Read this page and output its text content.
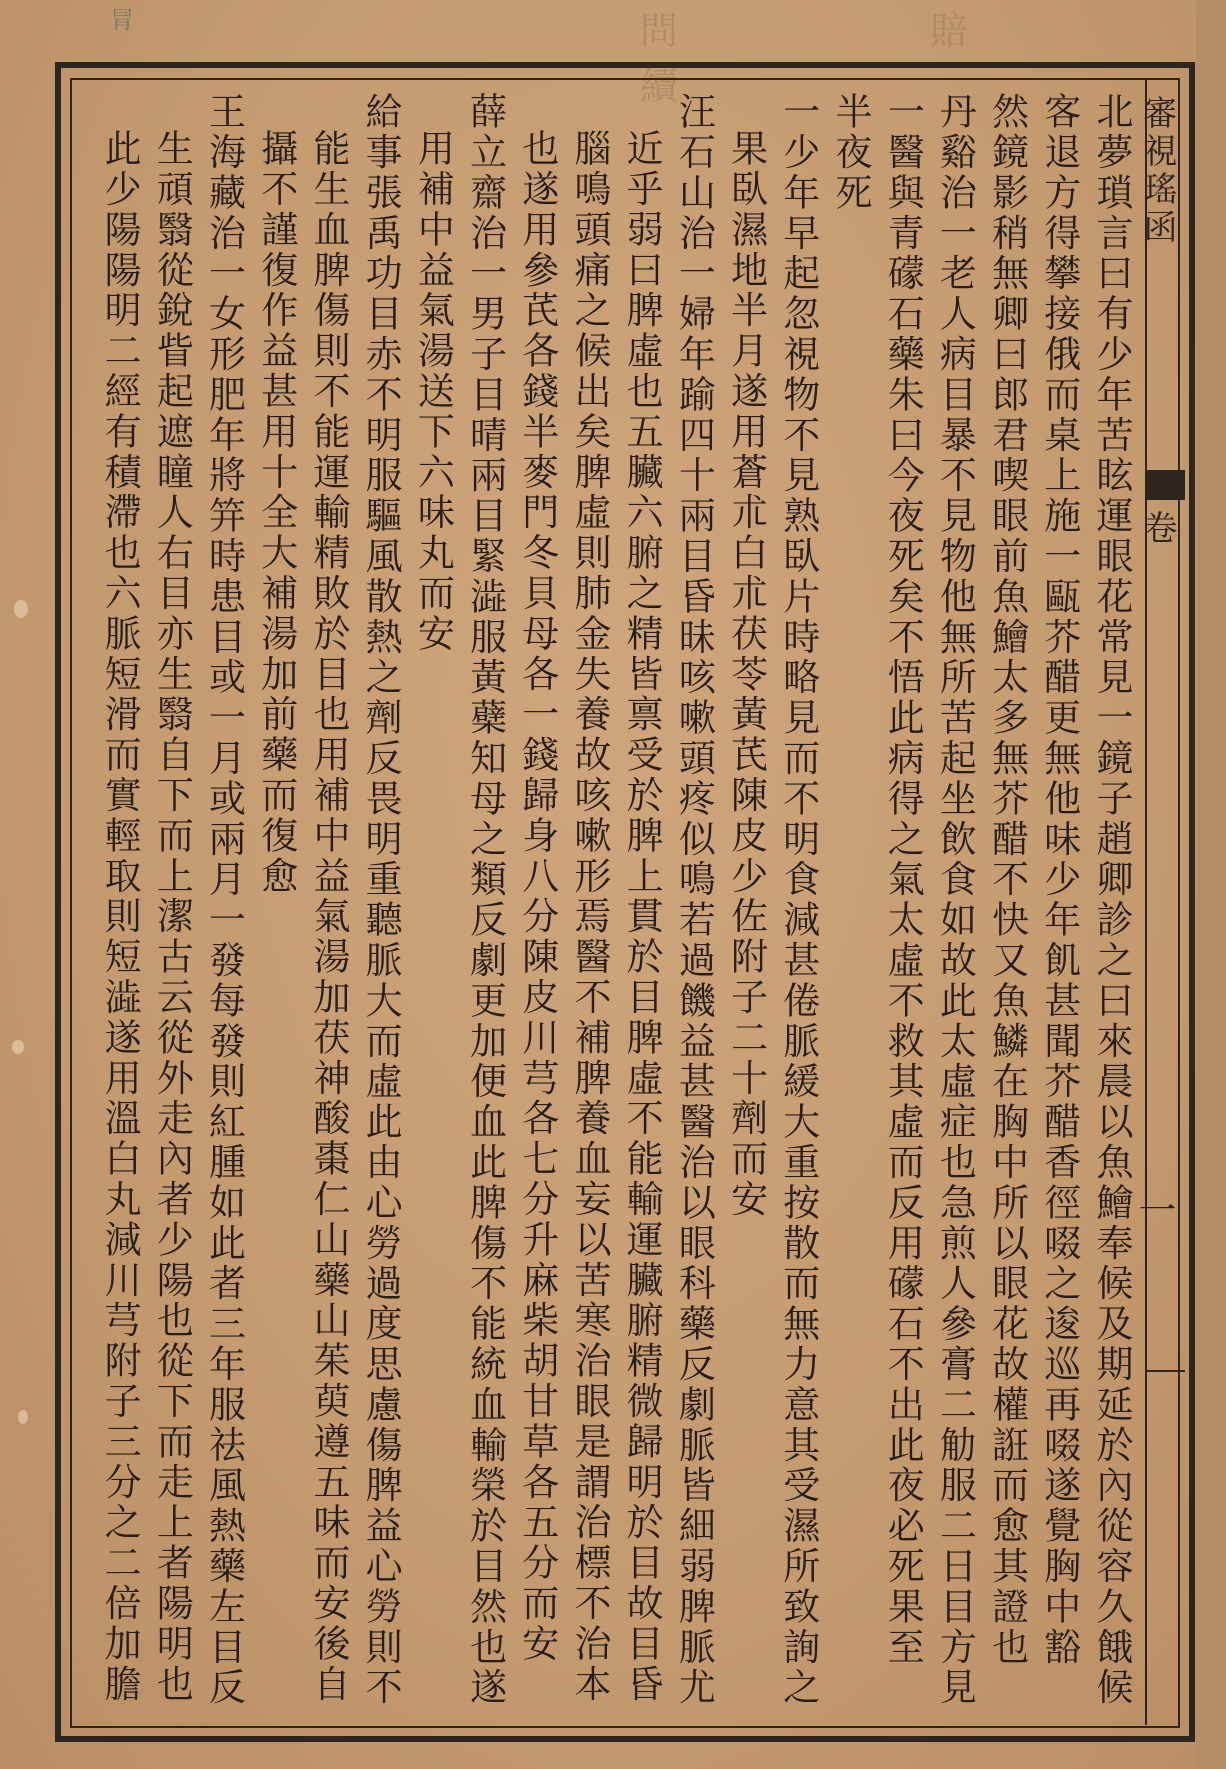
問 賠 續
冐
審視瑤函
卷
一
北夢瑣言曰有少年苦眩運眼花常見一鏡子趙卿診之曰來晨以魚鱠奉候及期延於內從容久餓候
客退方得攀接俄而桌上施一甌芥醋更無他味少年飢甚聞芥醋香徑啜之逡巡再啜遂覺胸中豁
然鏡影稍無卿曰郎君喫眼前魚鱠太多無芥醋不快又魚鱗在胸中所以眼花故權誑而愈其證也
丹谿治一老人病目暴不見物他無所苦起坐飲食如故此太虛症也急煎人參膏二觔服二日目方見
一醫與青礞石藥朱曰今夜死矣不悟此病得之氣太虛不救其虛而反用礞石不出此夜必死果至
半夜死
一少年早起忽視物不見熟臥片時略見而不明食減甚倦脈緩大重按散而無力意其受濕所致詢之
果臥濕地半月遂用蒼朮白朮茯苓黃芪陳皮少佐附子二十劑而安
汪石山治一婦年踰四十兩目昏昧咳嗽頭疼似鳴若過饑益甚醫治以眼科藥反劇脈皆細弱脾脈尤
近乎弱曰脾虛也五臟六腑之精皆禀受於脾上貫於目脾虛不能輸運臟腑精微歸明於目故目昏
腦鳴頭痛之候出矣脾虛則肺金失養故咳嗽形焉醫不補脾養血妄以苦寒治眼是謂治標不治本
也遂用參芪各錢半麥門冬貝母各一錢歸身八分陳皮川芎各七分升麻柴胡甘草各五分而安
薛立齋治一男子目晴兩目緊澁服黃蘗知母之類反劇更加便血此脾傷不能統血輸榮於目然也遂
用補中益氣湯送下六味丸而安
給事張禹功目赤不明服驅風散熱之劑反畏明重聽脈大而虛此由心勞過度思慮傷脾益心勞則不
能生血脾傷則不能運輸精敗於目也用補中益氣湯加茯神酸棗仁山藥山茱萸遵五味而安後自
攝不謹復作益甚用十全大補湯加前藥而復愈
王海藏治一女形肥年將笄時患目或一月或兩月一發每發則紅腫如此者三年服祛風熱藥左目反
生頑翳從銳眥起遮瞳人右目亦生翳自下而上潔古云從外走內者少陽也從下而走上者陽明也
此少陽陽明二經有積滯也六脈短滑而實輕取則短澁遂用溫白丸減川芎附子三分之二倍加膽
